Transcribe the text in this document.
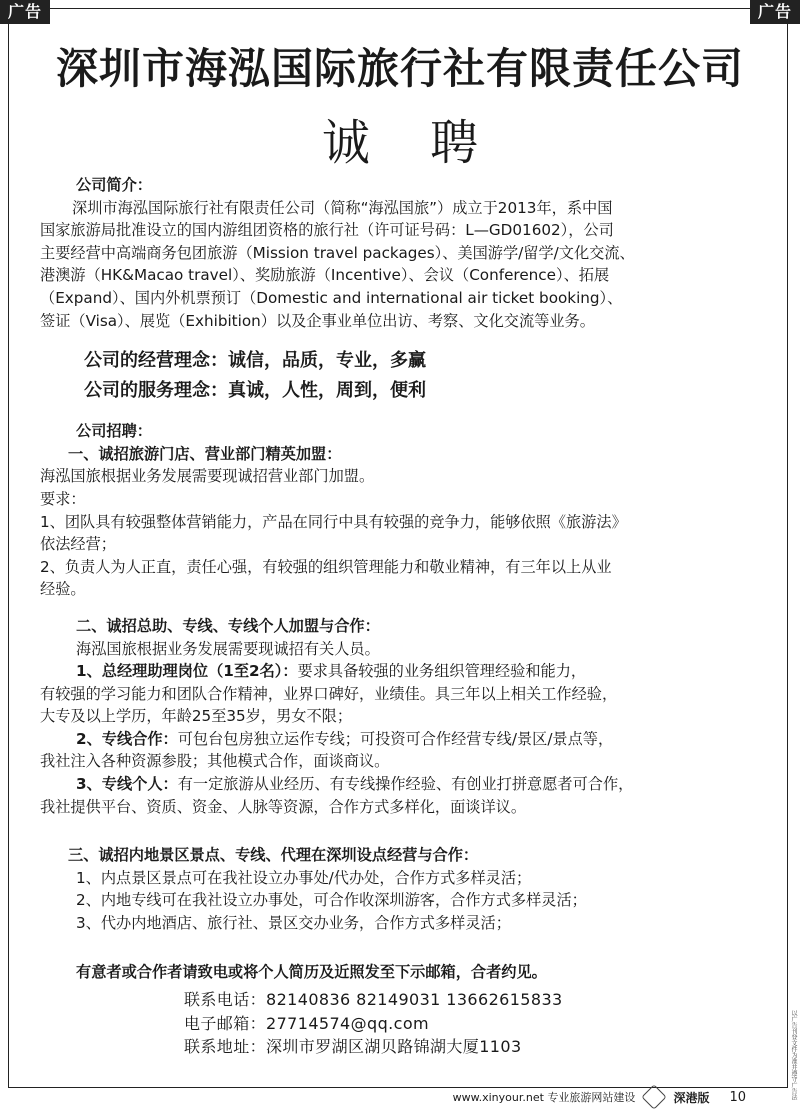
广告	广告
深圳市海泓国际旅行社有限责任公司
诚聘

公司简介：

深圳市海泓国际旅行社有限责任公司（简称“海泓国旅”）成立于2013年，系中国

国家旅游局批准设立的国内游组团资格的旅行社（许可证号码：L—GD01602），公司

主要经营中高端商务包团旅游（Mission travel packages）、美国游学/留学/文化交流、

港澳游（HK&Macao travel）、奖励旅游（Incentive）、会议（Conference）、拓展

（Expand）、国内外机票预订（Domestic and international air ticket booking）、

签证（Visa）、展览（Exhibition）以及企事业单位出访、考察、文化交流等业务。

公司的经营理念：诚信，品质，专业，多赢

公司的服务理念：真诚，人性，周到，便利

公司招聘：

一、诚招旅游门店、营业部门精英加盟：

海泓国旅根据业务发展需要现诚招营业部门加盟。

要求：

1、团队具有较强整体营销能力，产品在同行中具有较强的竞争力，能够依照《旅游法》

依法经营；

2、负责人为人正直，责任心强，有较强的组织管理能力和敬业精神，有三年以上从业

经验。

二、诚招总助、专线、专线个人加盟与合作：

海泓国旅根据业务发展需要现诚招有关人员。

1、总经理助理岗位（1至2名）：要求具备较强的业务组织管理经验和能力，

有较强的学习能力和团队合作精神，业界口碑好，业绩佳。具三年以上相关工作经验，

大专及以上学历，年龄25至35岁，男女不限；

2、专线合作：可包台包房独立运作专线；可投资可合作经营专线/景区/景点等，

我社注入各种资源参股；其他模式合作，面谈商议。

3、专线个人：有一定旅游从业经历、有专线操作经验、有创业打拼意愿者可合作，

我社提供平台、资质、资金、人脉等资源，合作方式多样化，面谈详议。

三、诚招内地景区景点、专线、代理在深圳设点经营与合作：

1、内点景区景点可在我社设立办事处/代办处，合作方式多样灵活；

2、内地专线可在我社设立办事处，可合作收深圳游客，合作方式多样灵活；

3、代办内地酒店、旅行社、景区交办业务，合作方式多样灵活；

有意者或合作者请致电或将个人简历及近照发至下示邮箱，合者约见。

联系电话：82140836 82149031 13662615833

电子邮箱：27714574@qq.com

联系地址：深圳市罗湖区湖贝路锦湖大厦1103

www.xinyour.net 专业旅游网站建设	深港版 10	以广告刊登文件为准并遵守广告法
